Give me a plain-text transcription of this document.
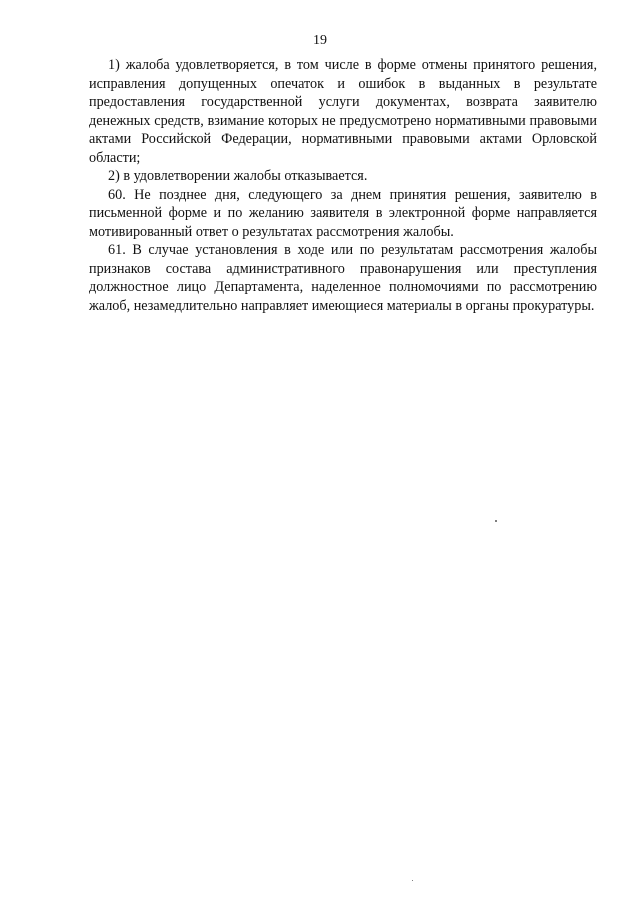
19

1) жалоба удовлетворяется, в том числе в форме отмены принятого решения, исправления допущенных опечаток и ошибок в выданных в результате предоставления государственной услуги документах, возврата заявителю денежных средств, взимание которых не предусмотрено нормативными правовыми актами Российской Федерации, нормативными правовыми актами Орловской области;

2) в удовлетворении жалобы отказывается.

60. Не позднее дня, следующего за днем принятия решения, заявителю в письменной форме и по желанию заявителя в электронной форме направляется мотивированный ответ о результатах рассмотрения жалобы.

61. В случае установления в ходе или по результатам рассмотрения жалобы признаков состава административного правонарушения или преступления должностное лицо Департамента, наделенное полномочиями по рассмотрению жалоб, незамедлительно направляет имеющиеся материалы в органы прокуратуры.
